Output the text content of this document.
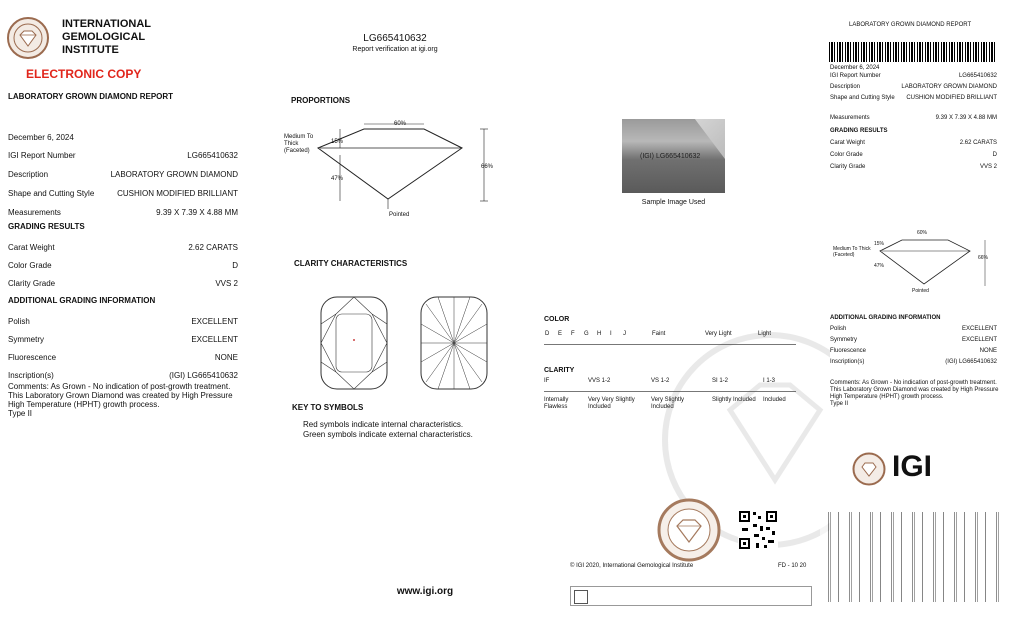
INTERNATIONAL
GEMOLOGICAL
INSTITUTE
ELECTRONIC COPY
LABORATORY GROWN DIAMOND REPORT
December 6, 2024
IGI Report Number	LG665410632
Description	LABORATORY GROWN DIAMOND
Shape and Cutting Style	CUSHION MODIFIED BRILLIANT
Measurements	9.39 X 7.39 X 4.88 MM
GRADING RESULTS
Carat Weight	2.62 CARATS
Color Grade	D
Clarity Grade	VVS 2
ADDITIONAL GRADING INFORMATION
Polish	EXCELLENT
Symmetry	EXCELLENT
Fluorescence	NONE
Inscription(s)	(IGI) LG665410632
Comments: As Grown - No indication of post-growth treatment.
This Laboratory Grown Diamond was created by High Pressure High Temperature (HPHT) growth process.
Type II
LG665410632
Report verification at igi.org
PROPORTIONS
60%
15%
47%
66%
Medium To Thick (Faceted)
Pointed
(IGI) LG665410632
Sample Image Used
CLARITY CHARACTERISTICS
KEY TO SYMBOLS
Red symbols indicate internal characteristics.
Green symbols indicate external characteristics.
COLOR
D E F G H I J	Faint	Very Light	Light
CLARITY
IF
Internally Flawless
VVS 1-2
Very Very Slightly Included
VS 1-2
Very Slightly Included
SI 1-2
Slightly Included
I 1-3
Included
© IGI 2020, International Gemological Institute	FD - 10 20
www.igi.org
LABORATORY GROWN DIAMOND REPORT
December 6, 2024
IGI Report Number	LG665410632
Description	LABORATORY GROWN DIAMOND
Shape and Cutting Style CUSHION MODIFIED BRILLIANT
Measurements	9.39 X 7.39 X 4.88 MM
GRADING RESULTS
Carat Weight	2.62 CARATS
Color Grade	D
Clarity Grade	VVS 2
ADDITIONAL GRADING INFORMATION
Polish	EXCELLENT
Symmetry	EXCELLENT
Fluorescence	NONE
Inscription(s)	(IGI) LG665410632
60%
15%
47%
66%
Medium To Thick (Faceted)
Pointed
Comments: As Grown - No indication of post-growth treatment.
This Laboratory Grown Diamond was created by High Pressure High Temperature (HPHT) growth process.
Type II
IGI
